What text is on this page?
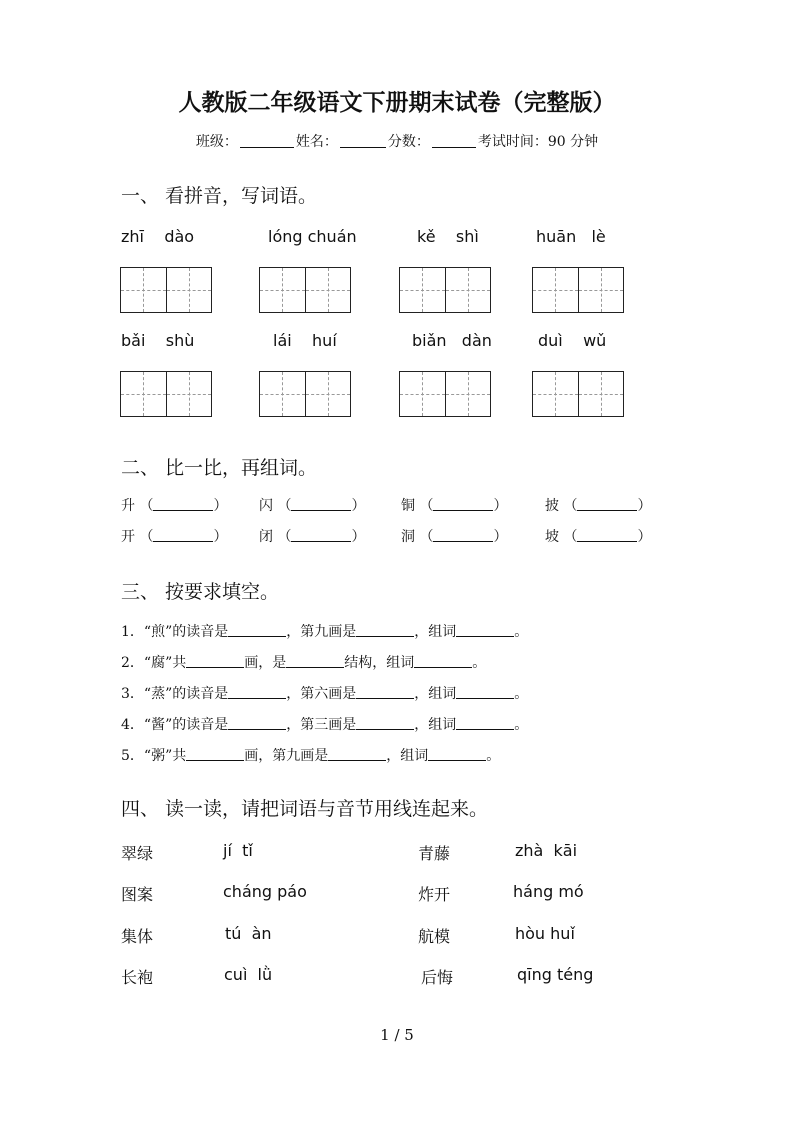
人教版二年级语文下册期末试卷（完整版）
班级：	姓名：	分数：	考试时间：90 分钟
一、 看拼音，写词语。
zhī    dào	lóng chuán	kě    shì	huān   lè
bǎi    shù	lái    huí	biǎn   dàn	duì    wǔ
二、 比一比，再组词。
升 （	） 闪 （	）	铜 （	）	披 （	）
开 （	） 闭 （	）	洞 （	）	坡 （	）
三、 按要求填空。
1．“煎”的读音是	，第九画是	，组词	。
2．“腐”共	画，是	结构，组词	。
3．“蒸”的读音是	，第六画是	，组词	。
4．“酱”的读音是	，第三画是	，组词	。
5．“粥”共	画，第九画是	，组词	。
四、 读一读，请把词语与音节用线连起来。
翠绿	jí  tǐ	青藤	zhà  kāi
图案	cháng páo	炸开	háng mó
集体	tú  àn	航模	hòu huǐ
长袍	cuì  lǜ	后悔	qīng téng
1 / 5
